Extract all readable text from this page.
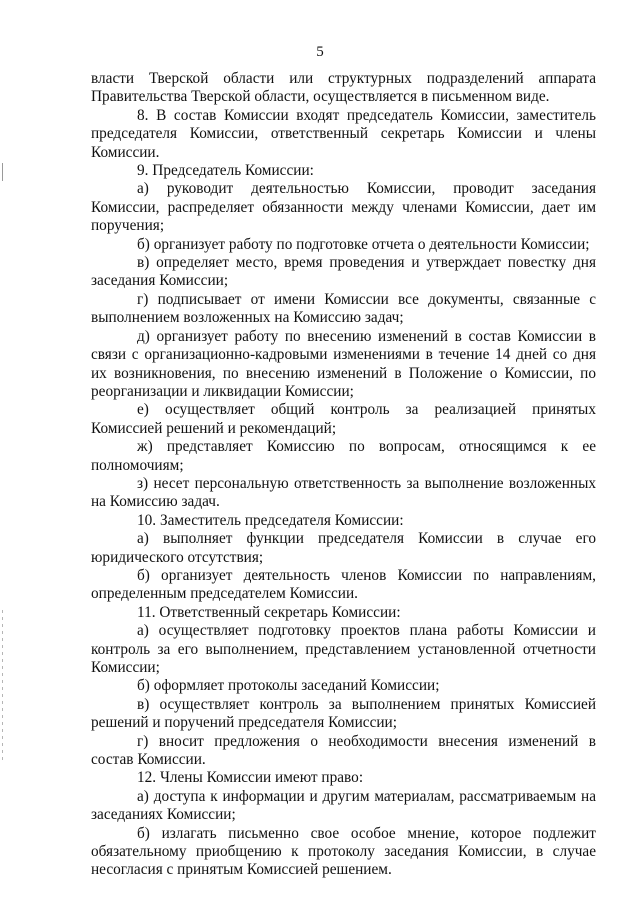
5

власти Тверской области или структурных подразделений аппарата Правительства Тверской области, осуществляется в письменном виде.

8. В состав Комиссии входят председатель Комиссии, заместитель председателя Комиссии, ответственный секретарь Комиссии и члены Комиссии.

9. Председатель Комиссии:

а) руководит деятельностью Комиссии, проводит заседания Комиссии, распределяет обязанности между членами Комиссии, дает им поручения;

б) организует работу по подготовке отчета о деятельности Комиссии;

в) определяет место, время проведения и утверждает повестку дня заседания Комиссии;

г) подписывает от имени Комиссии все документы, связанные с выполнением возложенных на Комиссию задач;

д) организует работу по внесению изменений в состав Комиссии в связи с организационно-кадровыми изменениями в течение 14 дней со дня их возникновения, по внесению изменений в Положение о Комиссии, по реорганизации и ликвидации Комиссии;

е) осуществляет общий контроль за реализацией принятых Комиссией решений и рекомендаций;

ж) представляет Комиссию по вопросам, относящимся к ее полномочиям;

з) несет персональную ответственность за выполнение возложенных на Комиссию задач.

10. Заместитель председателя Комиссии:

а) выполняет функции председателя Комиссии в случае его юридического отсутствия;

б) организует деятельность членов Комиссии по направлениям, определенным председателем Комиссии.

11. Ответственный секретарь Комиссии:

а) осуществляет подготовку проектов плана работы Комиссии и контроль за его выполнением, представлением установленной отчетности Комиссии;

б) оформляет протоколы заседаний Комиссии;

в) осуществляет контроль за выполнением принятых Комиссией решений и поручений председателя Комиссии;

г) вносит предложения о необходимости внесения изменений в состав Комиссии.

12. Члены Комиссии имеют право:

а) доступа к информации и другим материалам, рассматриваемым на заседаниях Комиссии;

б) излагать письменно свое особое мнение, которое подлежит обязательному приобщению к протоколу заседания Комиссии, в случае несогласия с принятым Комиссией решением.
